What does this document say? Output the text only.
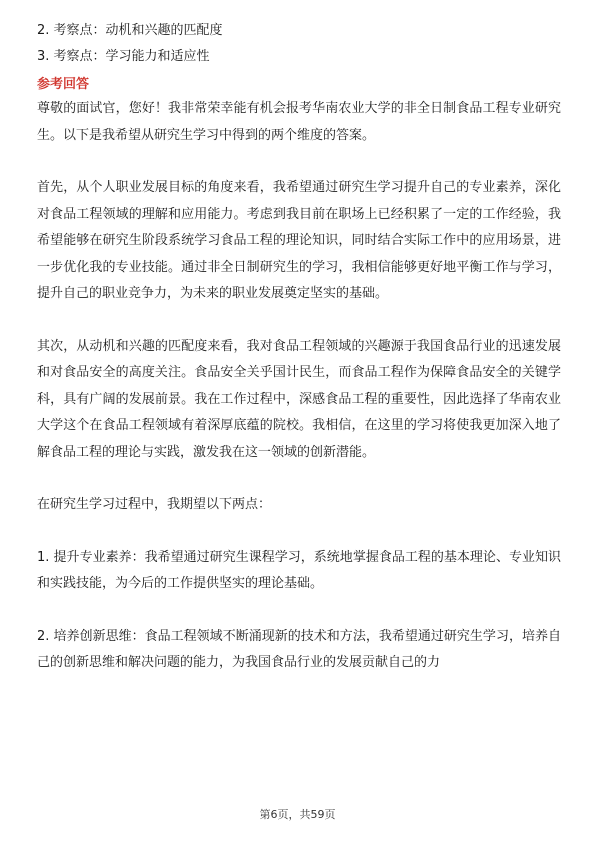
2. 考察点：动机和兴趣的匹配度

3. 考察点：学习能力和适应性

参考回答

尊敬的面试官，您好！我非常荣幸能有机会报考华南农业大学的非全日制食品工程专业研究生。以下是我希望从研究生学习中得到的两个维度的答案。

首先，从个人职业发展目标的角度来看，我希望通过研究生学习提升自己的专业素养，深化对食品工程领域的理解和应用能力。考虑到我目前在职场上已经积累了一定的工作经验，我希望能够在研究生阶段系统学习食品工程的理论知识，同时结合实际工作中的应用场景，进一步优化我的专业技能。通过非全日制研究生的学习，我相信能够更好地平衡工作与学习，提升自己的职业竞争力，为未来的职业发展奠定坚实的基础。

其次，从动机和兴趣的匹配度来看，我对食品工程领域的兴趣源于我国食品行业的迅速发展和对食品安全的高度关注。食品安全关乎国计民生，而食品工程作为保障食品安全的关键学科，具有广阔的发展前景。我在工作过程中，深感食品工程的重要性，因此选择了华南农业大学这个在食品工程领域有着深厚底蕴的院校。我相信，在这里的学习将使我更加深入地了解食品工程的理论与实践，激发我在这一领域的创新潜能。

在研究生学习过程中，我期望以下两点：

1. 提升专业素养：我希望通过研究生课程学习，系统地掌握食品工程的基本理论、专业知识和实践技能，为今后的工作提供坚实的理论基础。

2. 培养创新思维：食品工程领域不断涌现新的技术和方法，我希望通过研究生学习，培养自己的创新思维和解决问题的能力，为我国食品行业的发展贡献自己的力

第6页，共59页
